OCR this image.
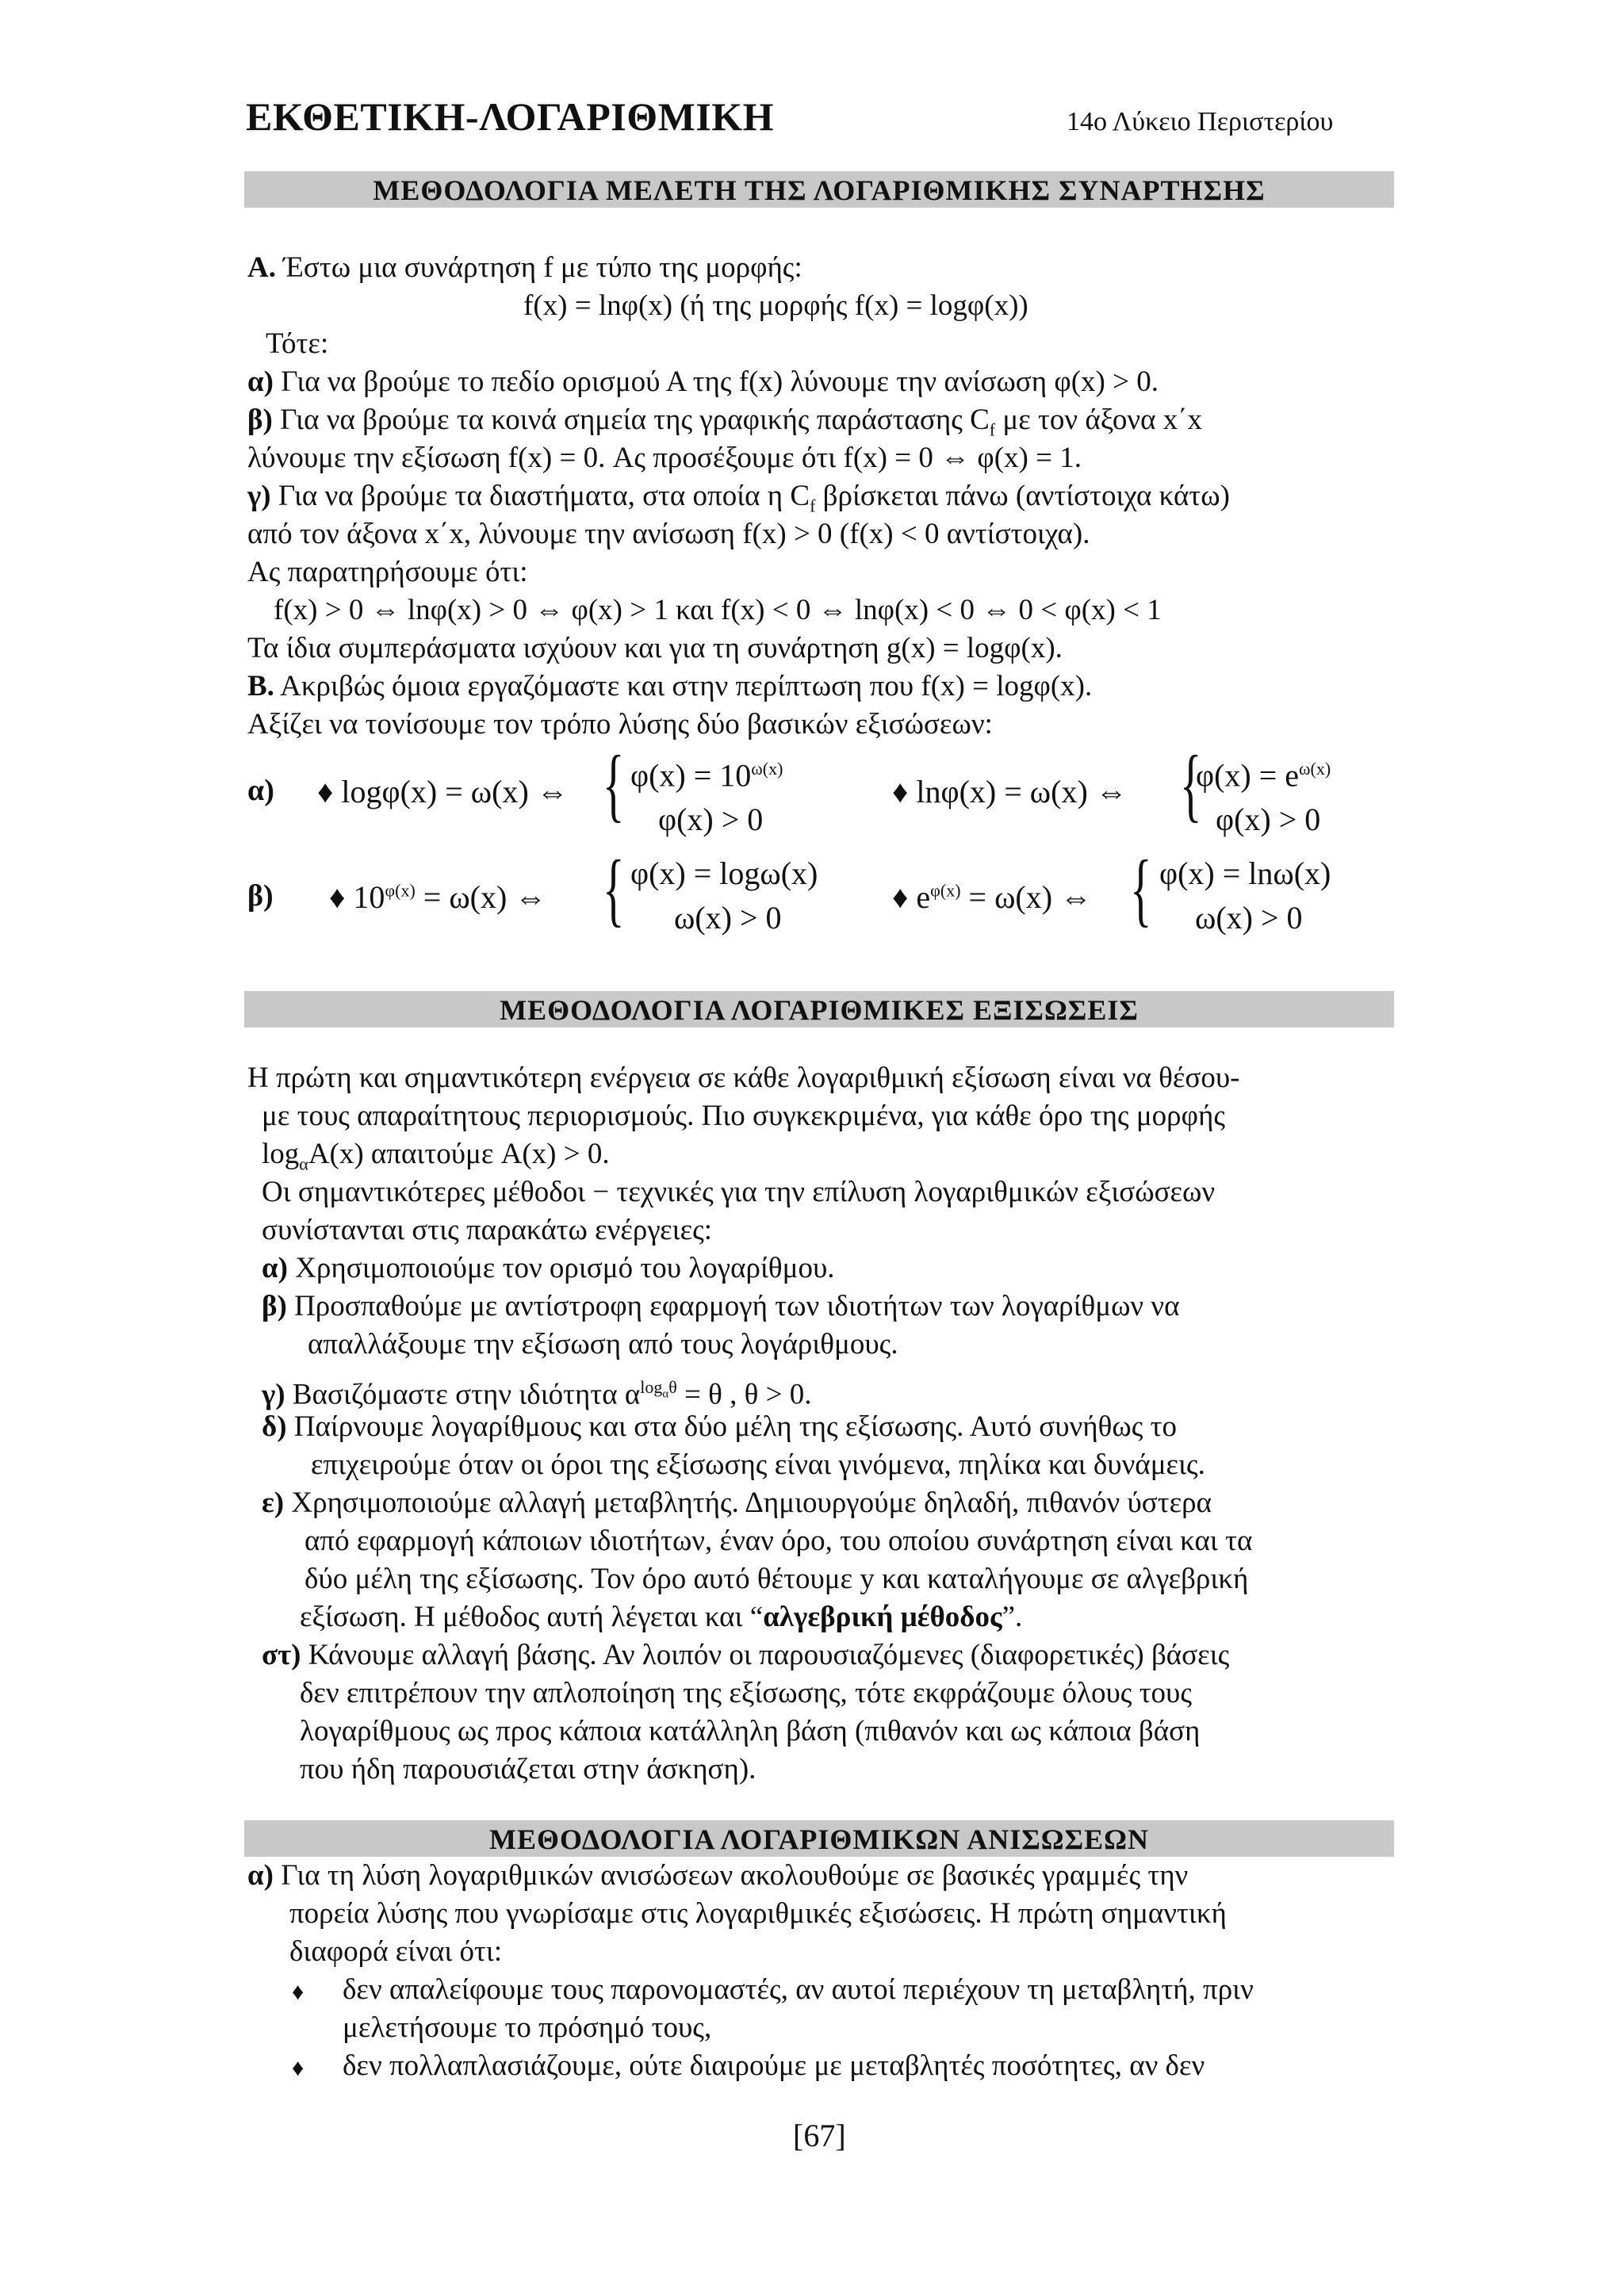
ΕΚΘΕΤΙΚΗ-ΛΟΓΑΡΙΘΜΙΚΗ	14ο Λύκειο Περιστερίου
ΜΕΘΟΔΟΛΟΓΙΑ ΜΕΛΕΤΗ ΤΗΣ ΛΟΓΑΡΙΘΜΙΚΗΣ ΣΥΝΑΡΤΗΣΗΣ
Α. Έστω μια συνάρτηση f με τύπο της μορφής:
f(x) = lnφ(x) (ή της μορφής f(x) = logφ(x))
Τότε:
α) Για να βρούμε το πεδίο ορισμού Α της f(x) λύνουμε την ανίσωση φ(x) > 0.
β) Για να βρούμε τα κοινά σημεία της γραφικής παράστασης $C_f$ με τον άξονα x΄x
λύνουμε την εξίσωση f(x) = 0. Ας προσέξουμε ότι f(x) = 0 ⇔ φ(x) = 1.
γ) Για να βρούμε τα διαστήματα, στα οποία η $C_f$ βρίσκεται πάνω (αντίστοιχα κάτω)
από τον άξονα x΄x, λύνουμε την ανίσωση f(x) > 0 (f(x) < 0 αντίστοιχα).
Ας παρατηρήσουμε ότι:
f(x) > 0 ⇔ lnφ(x) > 0 ⇔ φ(x) > 1 και f(x) < 0 ⇔ lnφ(x) < 0 ⇔ 0 < φ(x) < 1
Τα ίδια συμπεράσματα ισχύουν και για τη συνάρτηση g(x) = logφ(x).
Β. Ακριβώς όμοια εργαζόμαστε και στην περίπτωση που f(x) = logφ(x).
Αξίζει να τονίσουμε τον τρόπο λύσης δύο βασικών εξισώσεων:
α) ♦ logφ(x) = ω(x) ⇔ { $\varphi(x) = 10^{\omega(x)}$
φ(x) > 0
♦ lnφ(x) = ω(x) ⇔ {
$\varphi(x) = e^{\omega(x)}$
φ(x) > 0
β) ♦ $10^{\varphi(x)} = \omega(x)$ ⇔ { φ(x) = logω(x)
ω(x) > 0
♦ $e^{\varphi(x)} = \omega(x)$ ⇔ { φ(x) = lnω(x)
ω(x) > 0
ΜΕΘΟΔΟΛΟΓΙΑ ΛΟΓΑΡΙΘΜΙΚΕΣ ΕΞΙΣΩΣΕΙΣ
Η πρώτη και σημαντικότερη ενέργεια σε κάθε λογαριθμική εξίσωση είναι να θέσου-
με τους απαραίτητους περιορισμούς. Πιο συγκεκριμένα, για κάθε όρο της μορφής
$\log_\alpha A(x)$ απαιτούμε A(x) > 0.
Οι σημαντικότερες μέθοδοι − τεχνικές για την επίλυση λογαριθμικών εξισώσεων
συνίστανται στις παρακάτω ενέργειες:
α) Χρησιμοποιούμε τον ορισμό του λογαρίθμου.
β) Προσπαθούμε με αντίστροφη εφαρμογή των ιδιοτήτων των λογαρίθμων να
απαλλάξουμε την εξίσωση από τους λογάριθμους.
γ) Βασιζόμαστε στην ιδιότητα $\alpha^{log_\alpha\theta} = \theta$ , θ > 0.
δ) Παίρνουμε λογαρίθμους και στα δύο μέλη της εξίσωσης. Αυτό συνήθως το
επιχειρούμε όταν οι όροι της εξίσωσης είναι γινόμενα, πηλίκα και δυνάμεις.
ε) Χρησιμοποιούμε αλλαγή μεταβλητής. Δημιουργούμε δηλαδή, πιθανόν ύστερα
από εφαρμογή κάποιων ιδιοτήτων, έναν όρο, του οποίου συνάρτηση είναι και τα
δύο μέλη της εξίσωσης. Τον όρο αυτό θέτουμε y και καταλήγουμε σε αλγεβρική
εξίσωση. Η μέθοδος αυτή λέγεται και “αλγεβρική μέθοδος”.
στ) Κάνουμε αλλαγή βάσης. Αν λοιπόν οι παρουσιαζόμενες (διαφορετικές) βάσεις
δεν επιτρέπουν την απλοποίηση της εξίσωσης, τότε εκφράζουμε όλους τους
λογαρίθμους ως προς κάποια κατάλληλη βάση (πιθανόν και ως κάποια βάση
που ήδη παρουσιάζεται στην άσκηση).
ΜΕΘΟΔΟΛΟΓΙΑ ΛΟΓΑΡΙΘΜΙΚΩΝ ΑΝΙΣΩΣΕΩΝ
α) Για τη λύση λογαριθμικών ανισώσεων ακολουθούμε σε βασικές γραμμές την
πορεία λύσης που γνωρίσαμε στις λογαριθμικές εξισώσεις. Η πρώτη σημαντική
διαφορά είναι ότι:
♦ δεν απαλείφουμε τους παρονομαστές, αν αυτοί περιέχουν τη μεταβλητή, πριν
μελετήσουμε το πρόσημό τους,
♦ δεν πολλαπλασιάζουμε, ούτε διαιρούμε με μεταβλητές ποσότητες, αν δεν
[67]
